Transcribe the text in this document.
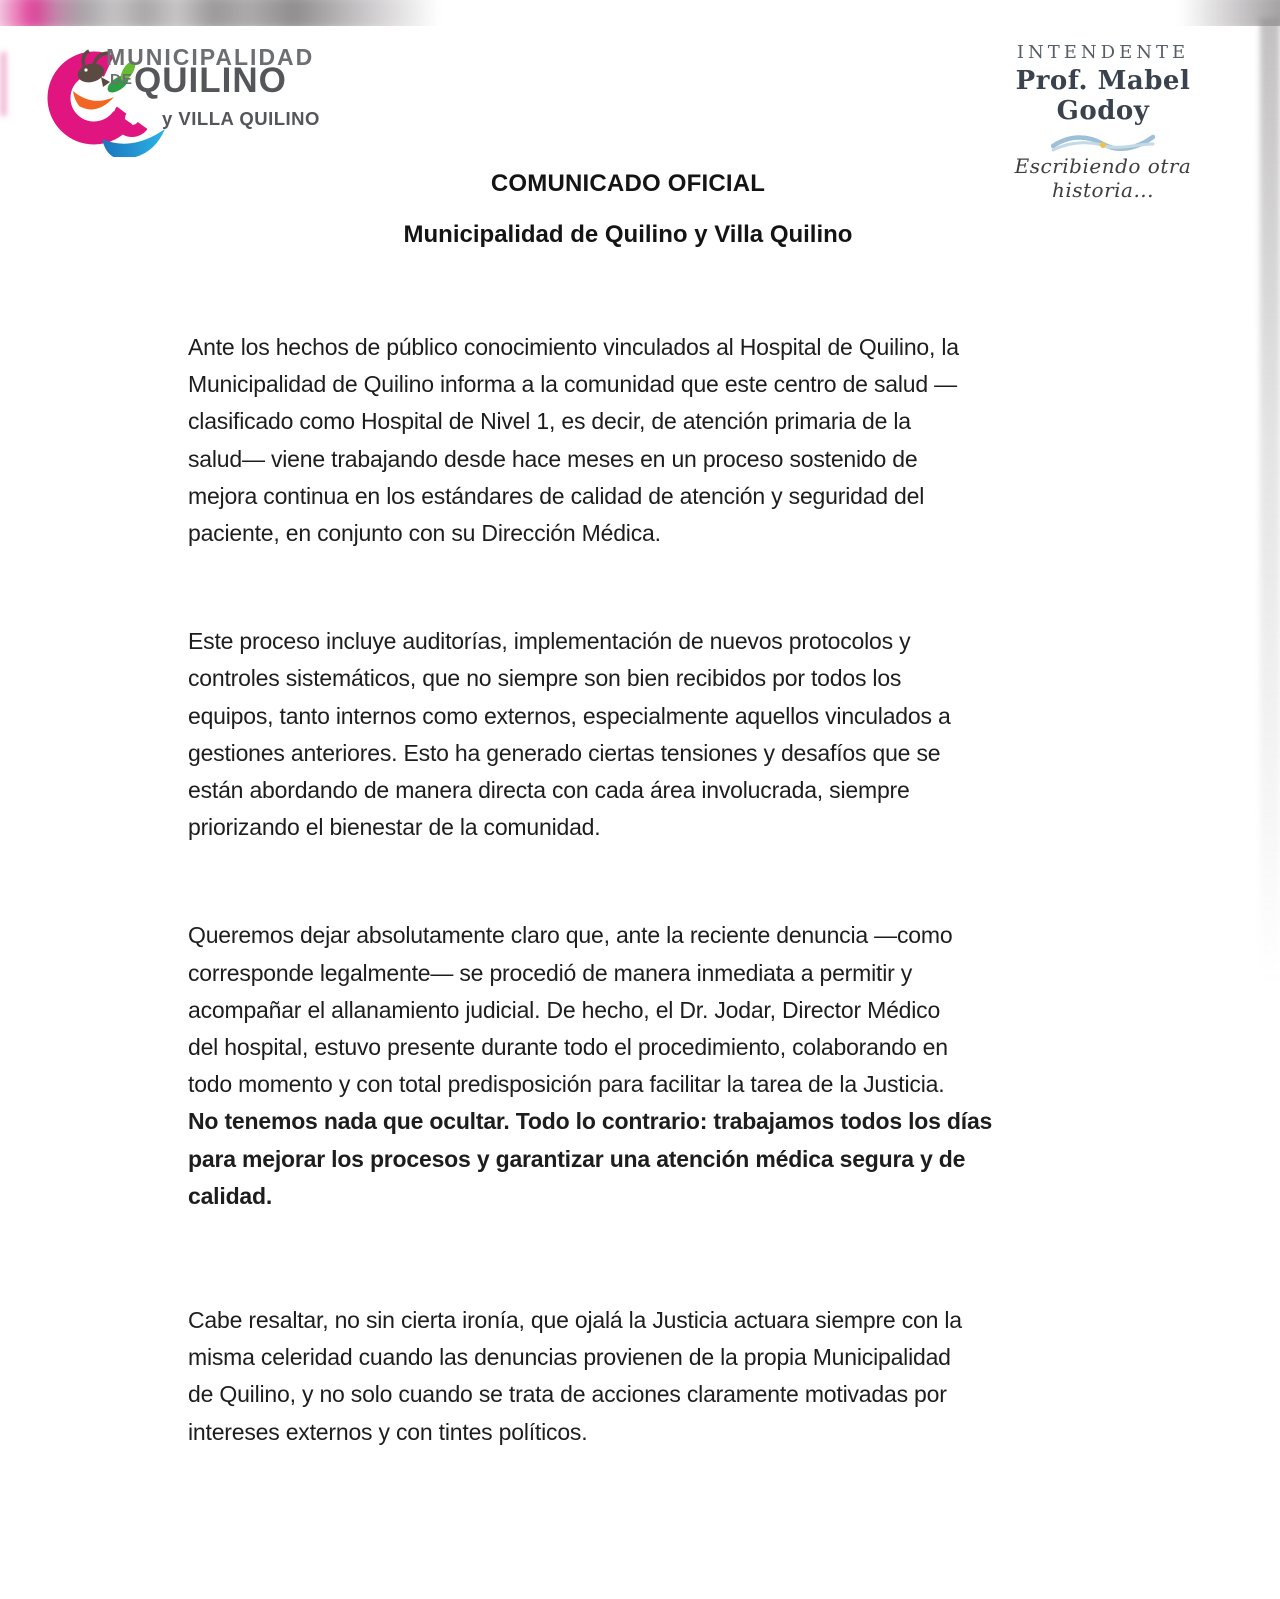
MUNICIPALIDAD
DE QUILINO
y VILLA QUILINO
INTENDENTE
Prof. Mabel Godoy
Escribiendo otra historia...
COMUNICADO OFICIAL
Municipalidad de Quilino y Villa Quilino
Ante los hechos de público conocimiento vinculados al Hospital de Quilino, la
Municipalidad de Quilino informa a la comunidad que este centro de salud —
clasificado como Hospital de Nivel 1, es decir, de atención primaria de la
salud— viene trabajando desde hace meses en un proceso sostenido de
mejora continua en los estándares de calidad de atención y seguridad del
paciente, en conjunto con su Dirección Médica.
Este proceso incluye auditorías, implementación de nuevos protocolos y
controles sistemáticos, que no siempre son bien recibidos por todos los
equipos, tanto internos como externos, especialmente aquellos vinculados a
gestiones anteriores. Esto ha generado ciertas tensiones y desafíos que se
están abordando de manera directa con cada área involucrada, siempre
priorizando el bienestar de la comunidad.
Queremos dejar absolutamente claro que, ante la reciente denuncia —como
corresponde legalmente— se procedió de manera inmediata a permitir y
acompañar el allanamiento judicial. De hecho, el Dr. Jodar, Director Médico
del hospital, estuvo presente durante todo el procedimiento, colaborando en
todo momento y con total predisposición para facilitar la tarea de la Justicia.
No tenemos nada que ocultar. Todo lo contrario: trabajamos todos los días
para mejorar los procesos y garantizar una atención médica segura y de
calidad.
Cabe resaltar, no sin cierta ironía, que ojalá la Justicia actuara siempre con la
misma celeridad cuando las denuncias provienen de la propia Municipalidad
de Quilino, y no solo cuando se trata de acciones claramente motivadas por
intereses externos y con tintes políticos.
